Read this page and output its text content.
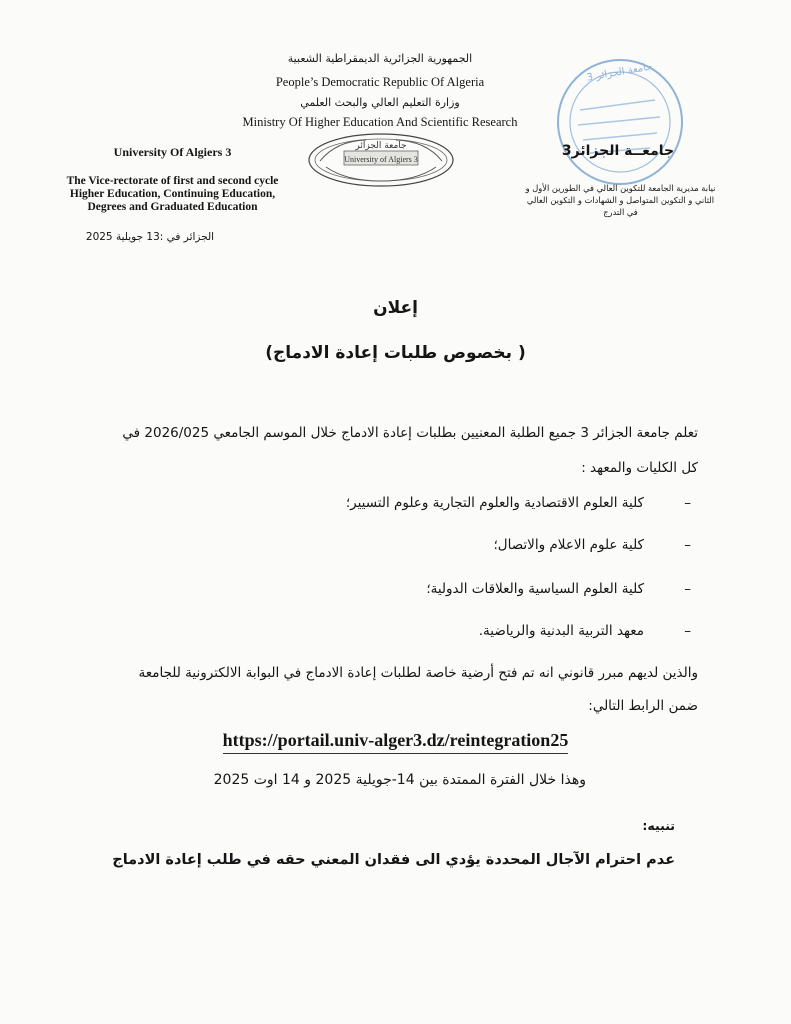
الجمهورية الجزائرية الديمقراطية الشعبية
People’s Democratic Republic Of Algeria
وزارة التعليم العالي والبحث العلمي
Ministry Of Higher Education And Scientific Research
University Of Algiers 3
The Vice-rectorate of first and second cycle
Higher Education, Continuing Education,
Degrees and Graduated Education
جامعة الجزائر
University of Algiers 3
جامعة الجزائر 3
جامعــة الجزائر3
نيابة مديرية الجامعة للتكوين العالي في الطورين الأول و
الثاني و التكوين المتواصل و الشهادات و التكوين العالي
في التدرج
الجزائر في :13 جويلية 2025
إعلان
( بخصوص طلبات إعادة الادماج)
تعلم جامعة الجزائر 3 جميع الطلبة المعنيين بطلبات إعادة الادماج خلال الموسم الجامعي 2026/025 في
كل الكليات والمعهد :
–
كلية العلوم الاقتصادية والعلوم التجارية وعلوم التسيير؛
–
كلية علوم الاعلام والاتصال؛
–
كلية العلوم السياسية والعلاقات الدولية؛
–
معهد التربية البدنية والرياضية.
والذين لديهم مبرر قانوني انه تم فتح أرضية خاصة لطلبات إعادة الادماج في البوابة الالكترونية للجامعة
ضمن الرابط التالي:
https://portail.univ-alger3.dz/reintegration25
وهذا خلال الفترة الممتدة بين 14-جويلية 2025 و 14 اوت 2025
تنبيه:
عدم احترام الآجال المحددة يؤدي الى فقدان المعني حقه في طلب إعادة الادماج
